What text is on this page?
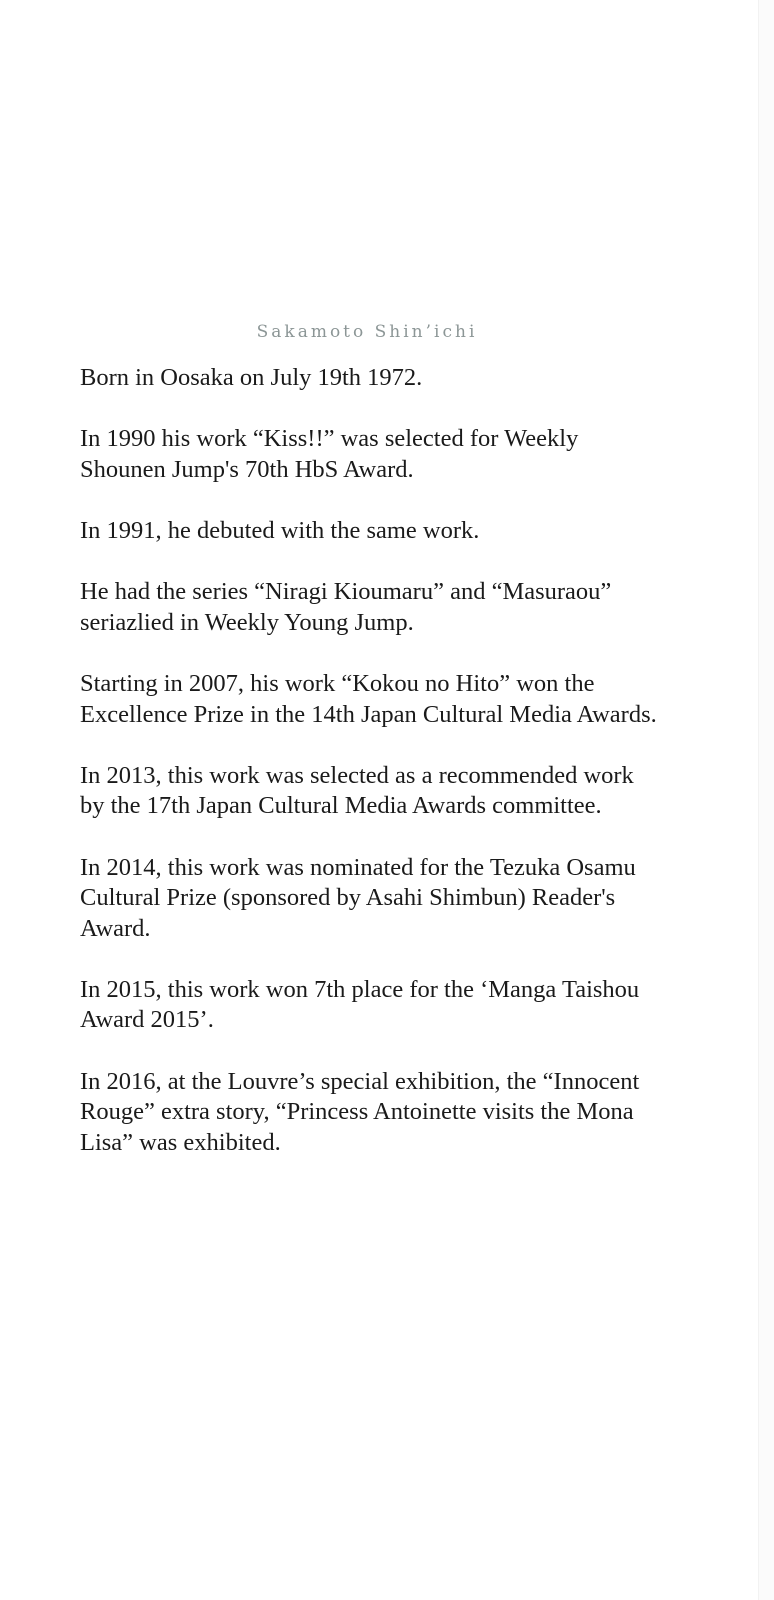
Sakamoto Shin’ichi

Born in Oosaka on July 19th 1972.

In 1990 his work “Kiss!!” was selected for Weekly
Shounen Jump's 70th HbS Award.

In 1991, he debuted with the same work.

He had the series “Niragi Kioumaru” and “Masuraou”
seriazlied in Weekly Young Jump.

Starting in 2007, his work “Kokou no Hito” won the
Excellence Prize in the 14th Japan Cultural Media Awards.

In 2013, this work was selected as a recommended work
by the 17th Japan Cultural Media Awards committee.

In 2014, this work was nominated for the Tezuka Osamu
Cultural Prize (sponsored by Asahi Shimbun) Reader's
Award.

In 2015, this work won 7th place for the ‘Manga Taishou
Award 2015’.

In 2016, at the Louvre’s special exhibition, the “Innocent
Rouge” extra story, “Princess Antoinette visits the Mona
Lisa” was exhibited.
